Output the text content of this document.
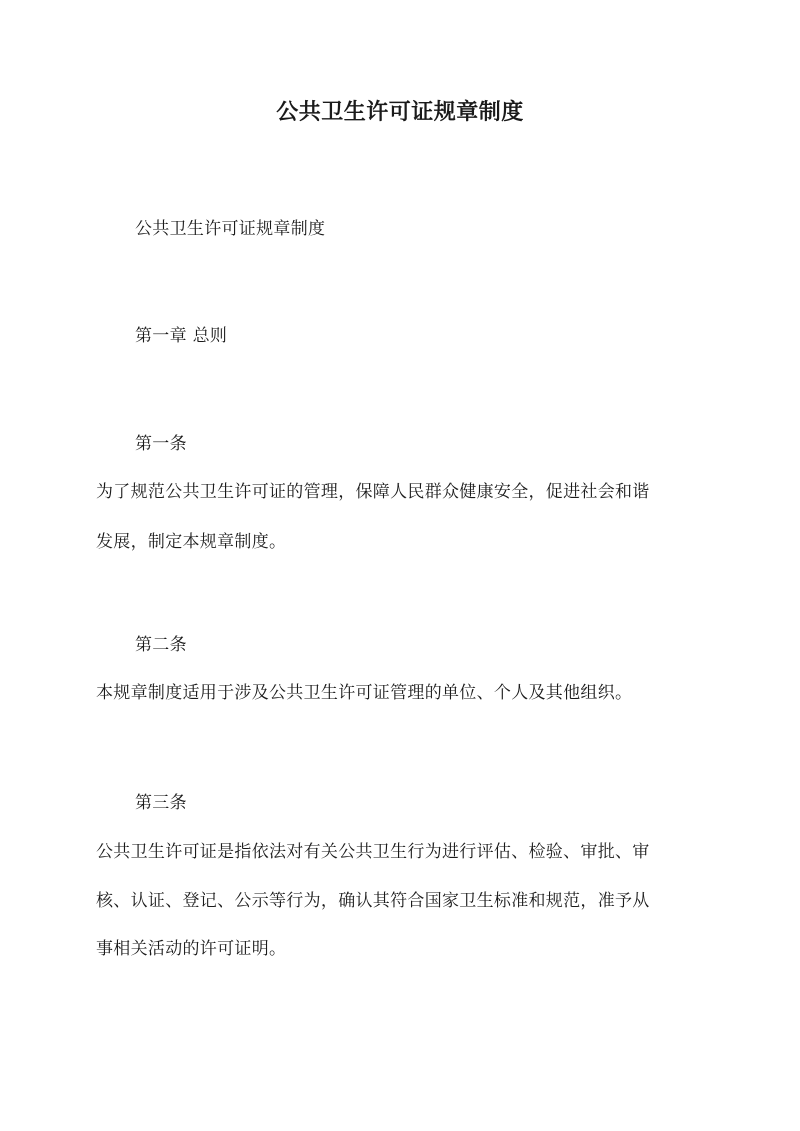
公共卫生许可证规章制度
公共卫生许可证规章制度
第一章 总则
第一条
为了规范公共卫生许可证的管理，保障人民群众健康安全，促进社会和谐
发展，制定本规章制度。
第二条
本规章制度适用于涉及公共卫生许可证管理的单位、个人及其他组织。
第三条
公共卫生许可证是指依法对有关公共卫生行为进行评估、检验、审批、审
核、认证、登记、公示等行为，确认其符合国家卫生标准和规范，准予从
事相关活动的许可证明。
